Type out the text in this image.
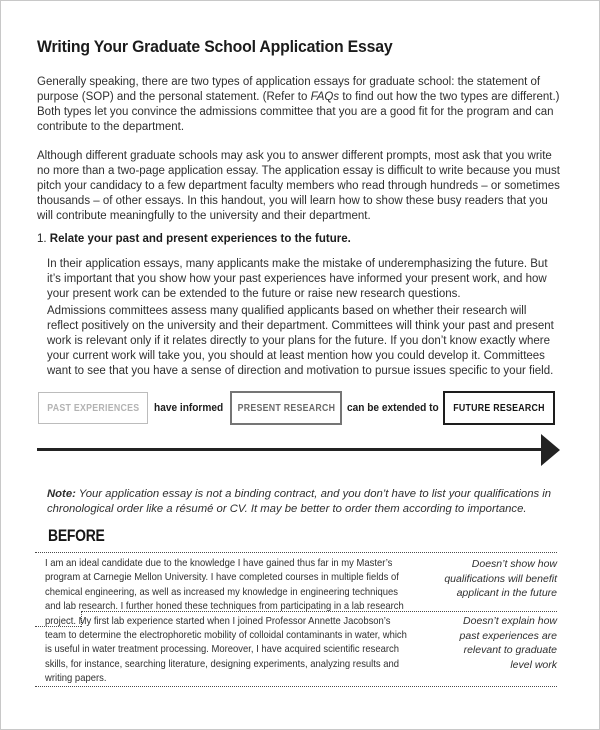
Writing Your Graduate School Application Essay
Generally speaking, there are two types of application essays for graduate school: the statement of purpose (SOP) and the personal statement. (Refer to FAQs to find out how the two types are different.) Both types let you convince the admissions committee that you are a good fit for the program and can contribute to the department.
Although different graduate schools may ask you to answer different prompts, most ask that you write no more than a two-page application essay. The application essay is difficult to write because you must pitch your candidacy to a few department faculty members who read through hundreds – or sometimes thousands – of other essays. In this handout, you will learn how to show these busy readers that you will contribute meaningfully to the university and their department.
1. Relate your past and present experiences to the future.
In their application essays, many applicants make the mistake of underemphasizing the future. But it’s important that you show how your past experiences have informed your present work, and how your present work can be extended to the future or raise new research questions.
Admissions committees assess many qualified applicants based on whether their research will reflect positively on the university and their department. Committees will think your past and present work is relevant only if it relates directly to your plans for the future. If you don’t know exactly where your current work will take you, you should at least mention how you could develop it. Committees want to see that you have a sense of direction and motivation to pursue issues specific to your field.
PAST EXPERIENCES have informed PRESENT RESEARCH can be extended to FUTURE RESEARCH
Note: Your application essay is not a binding contract, and you don’t have to list your qualifications in chronological order like a résumé or CV. It may be better to order them according to importance.
BEFORE
I am an ideal candidate due to the knowledge I have gained thus far in my Master’s
program at Carnegie Mellon University. I have completed courses in multiple fields of
chemical engineering, as well as increased my knowledge in engineering techniques
and lab research. I further honed these techniques from participating in a lab research
project. My first lab experience started when I joined Professor Annette Jacobson’s
team to determine the electrophoretic mobility of colloidal contaminants in water, which
is useful in water treatment processing. Moreover, I have acquired scientific research
skills, for instance, searching literature, designing experiments, analyzing results and
writing papers.
Doesn’t show how
qualifications will benefit
applicant in the future
Doesn’t explain how
past experiences are
relevant to graduate
level work
